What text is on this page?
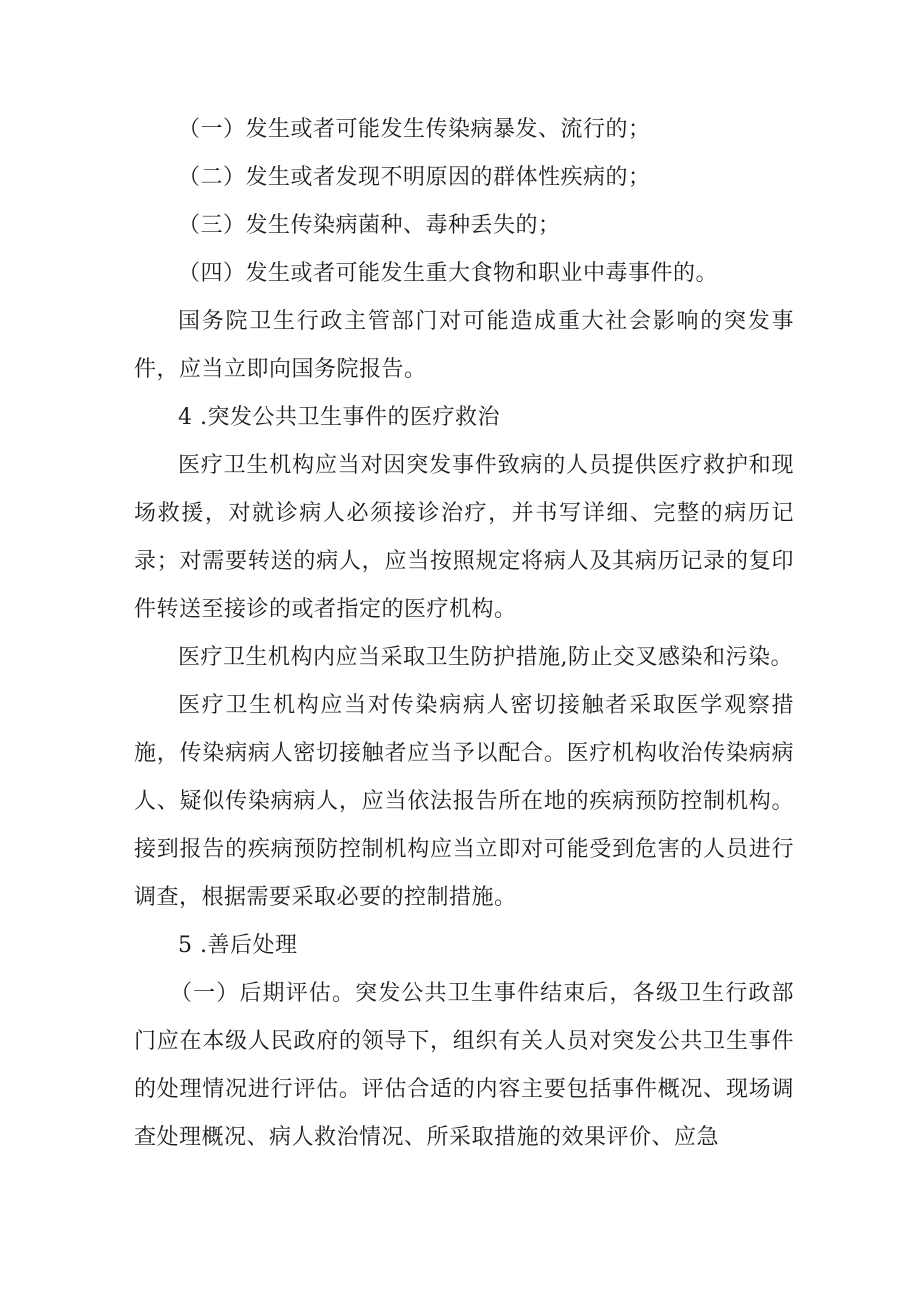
（一）发生或者可能发生传染病暴发、流行的；

（二）发生或者发现不明原因的群体性疾病的；

（三）发生传染病菌种、毒种丢失的；

（四）发生或者可能发生重大食物和职业中毒事件的。

国务院卫生行政主管部门对可能造成重大社会影响的突发事件，应当立即向国务院报告。

4 .突发公共卫生事件的医疗救治

医疗卫生机构应当对因突发事件致病的人员提供医疗救护和现场救援，对就诊病人必须接诊治疗，并书写详细、完整的病历记录；对需要转送的病人，应当按照规定将病人及其病历记录的复印件转送至接诊的或者指定的医疗机构。

医疗卫生机构内应当采取卫生防护措施,防止交叉感染和污染。

医疗卫生机构应当对传染病病人密切接触者采取医学观察措施，传染病病人密切接触者应当予以配合。医疗机构收治传染病病人、疑似传染病病人，应当依法报告所在地的疾病预防控制机构。接到报告的疾病预防控制机构应当立即对可能受到危害的人员进行调查，根据需要采取必要的控制措施。

5 .善后处理

（一）后期评估。突发公共卫生事件结束后，各级卫生行政部门应在本级人民政府的领导下，组织有关人员对突发公共卫生事件的处理情况进行评估。评估合适的内容主要包括事件概况、现场调查处理概况、病人救治情况、所采取措施的效果评价、应急
